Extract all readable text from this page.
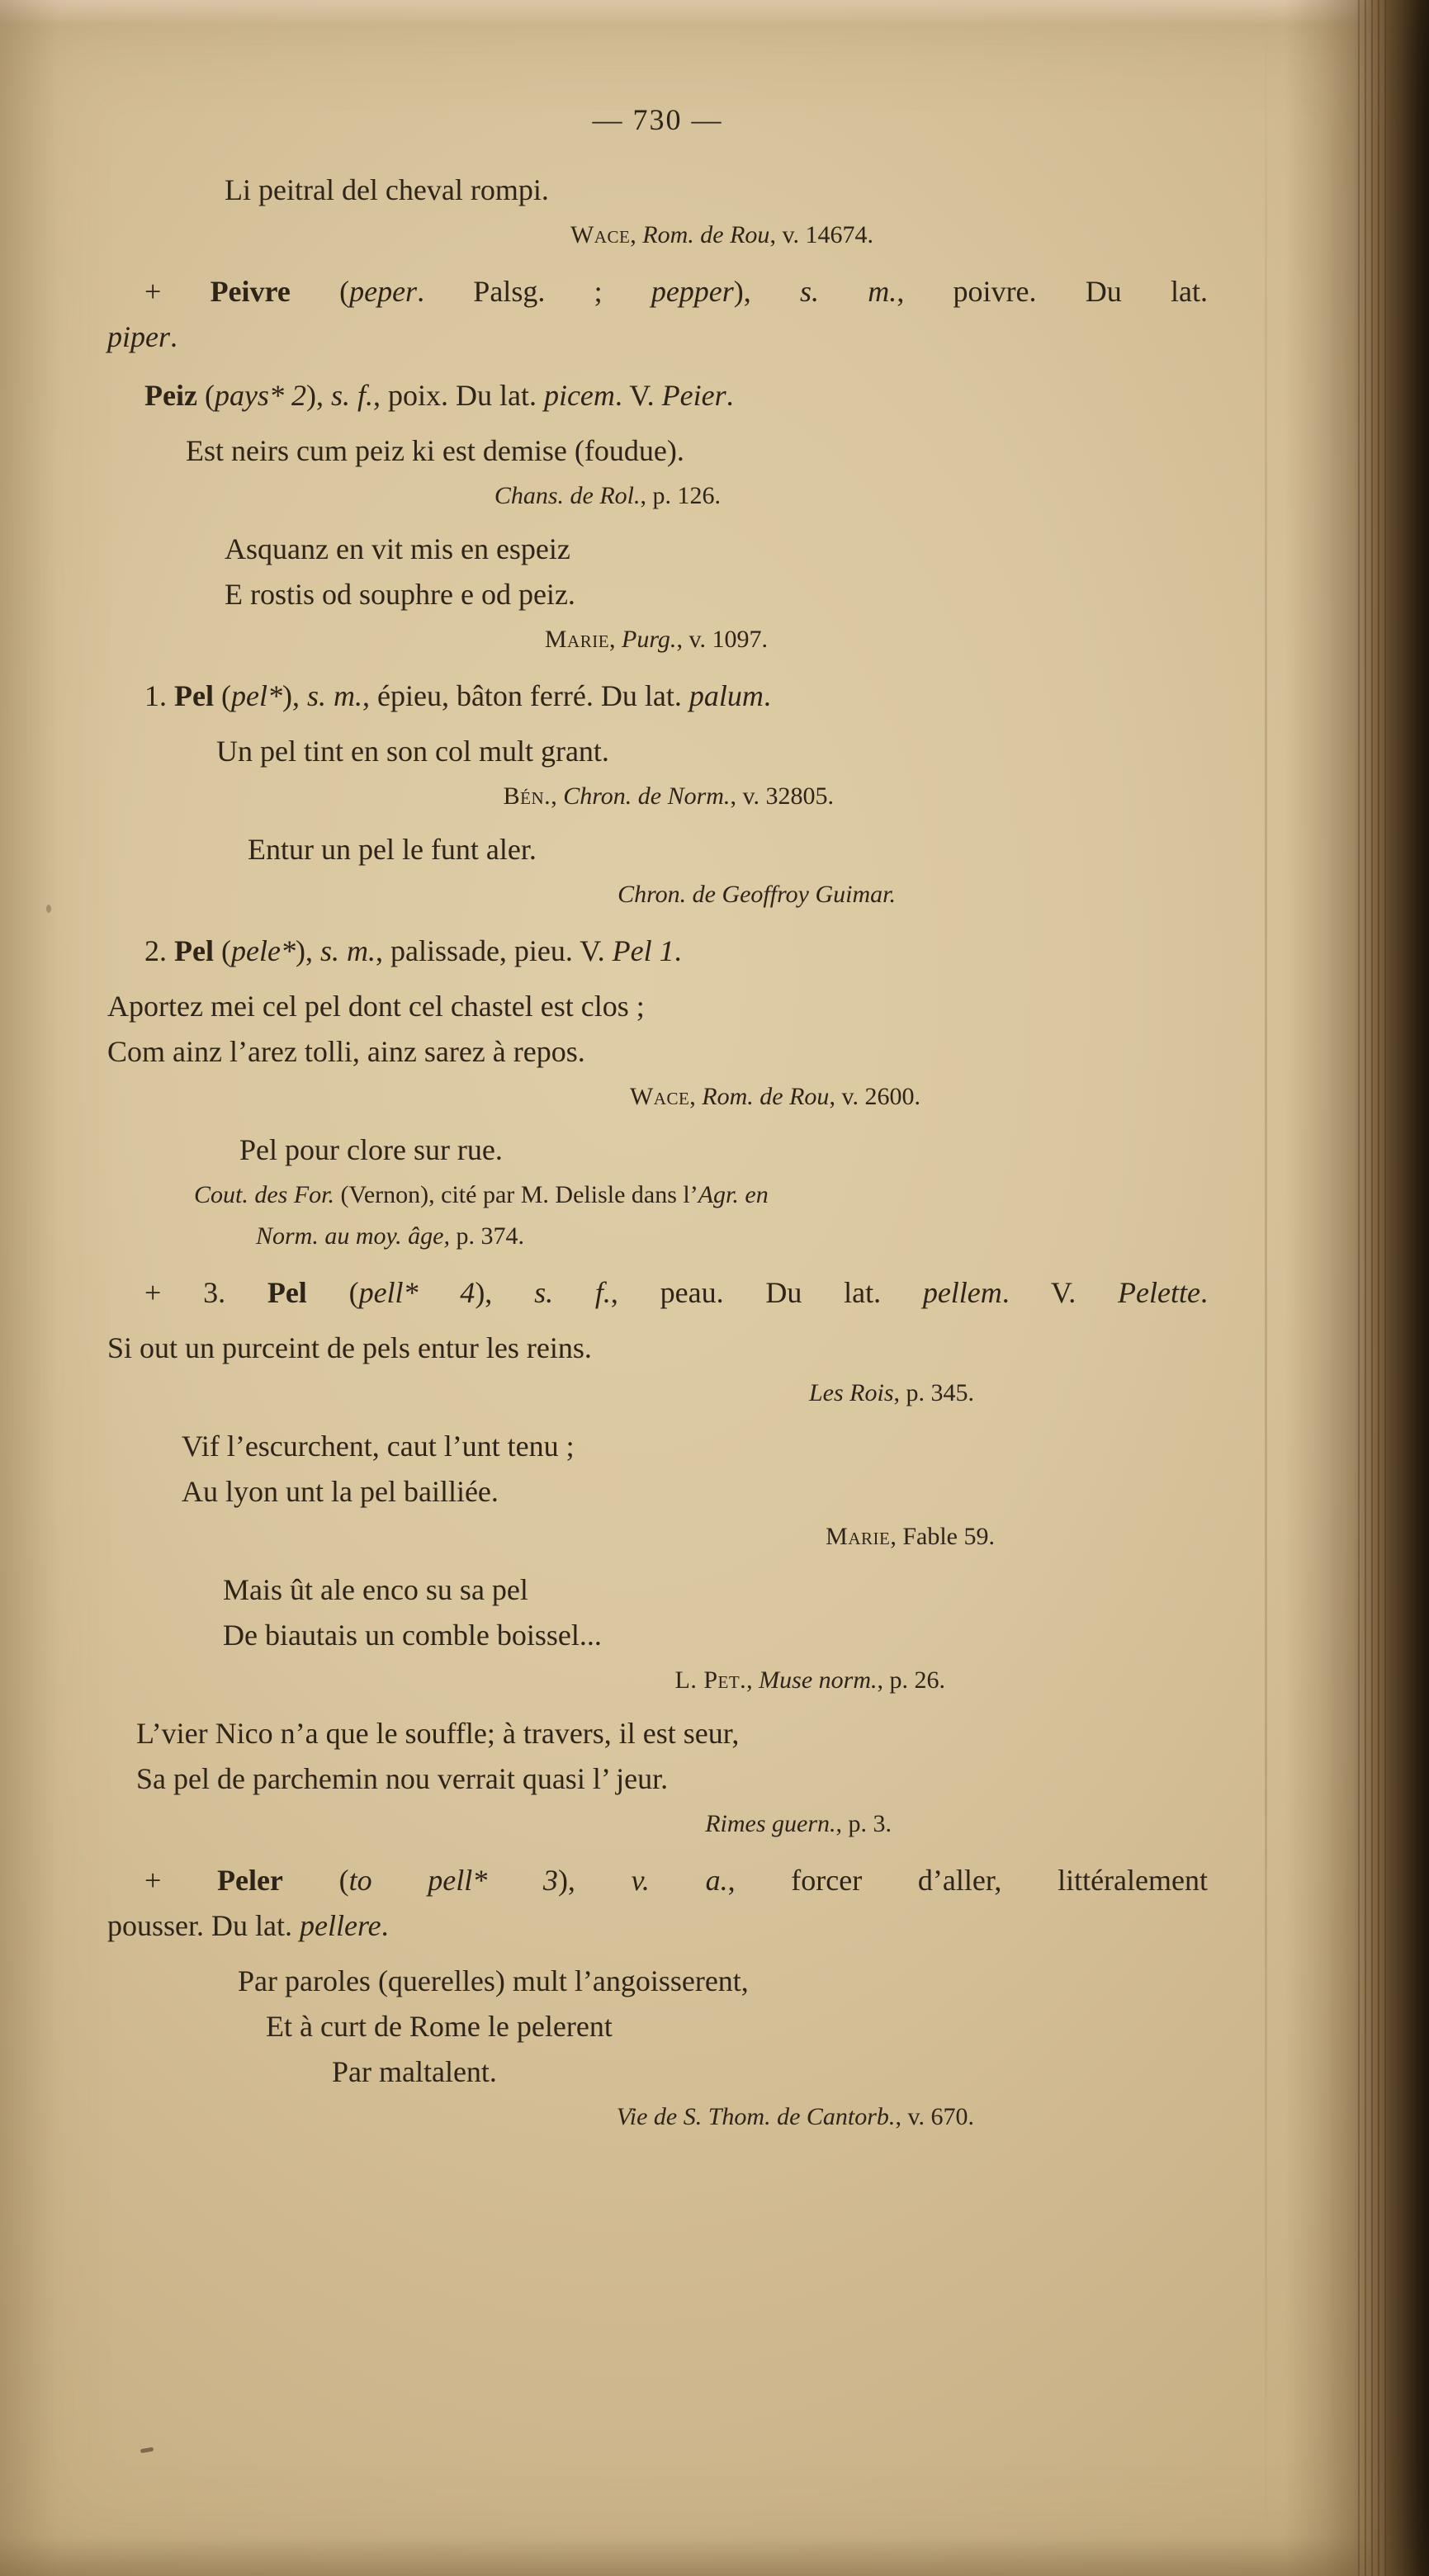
— 730 —
Li peitral del cheval rompi.
Wace, Rom. de Rou, v. 14674.
+ Peivre (peper. Palsg. ; pepper), s. m., poivre. Du lat.
piper.
Peiz (pays* 2), s. f., poix. Du lat. picem. V. Peier.
Est neirs cum peiz ki est demise (foudue).
Chans. de Rol., p. 126.
Asquanz en vit mis en espeiz
E rostis od souphre e od peiz.
Marie, Purg., v. 1097.
1. Pel (pel*), s. m., épieu, bâton ferré. Du lat. palum.
Un pel tint en son col mult grant.
Bén., Chron. de Norm., v. 32805.
Entur un pel le funt aler.
Chron. de Geoffroy Guimar.
2. Pel (pele*), s. m., palissade, pieu. V. Pel 1.
Aportez mei cel pel dont cel chastel est clos ;
Com ainz l’arez tolli, ainz sarez à repos.
Wace, Rom. de Rou, v. 2600.
Pel pour clore sur rue.
Cout. des For. (Vernon), cité par M. Delisle dans l’Agr. en
Norm. au moy. âge, p. 374.
+ 3. Pel (pell* 4), s. f., peau. Du lat. pellem. V. Pelette.
Si out un purceint de pels entur les reins.
Les Rois, p. 345.
Vif l’escurchent, caut l’unt tenu ;
Au lyon unt la pel bailliée.
Marie, Fable 59.
Mais ût ale enco su sa pel
De biautais un comble boissel...
L. Pet., Muse norm., p. 26.
L’vier Nico n’a que le souffle; à travers, il est seur,
Sa pel de parchemin nou verrait quasi l’ jeur.
Rimes guern., p. 3.
+ Peler (to pell* 3), v. a., forcer d’aller, littéralement
pousser. Du lat. pellere.
Par paroles (querelles) mult l’angoisserent,
Et à curt de Rome le pelerent
Par maltalent.
Vie de S. Thom. de Cantorb., v. 670.
